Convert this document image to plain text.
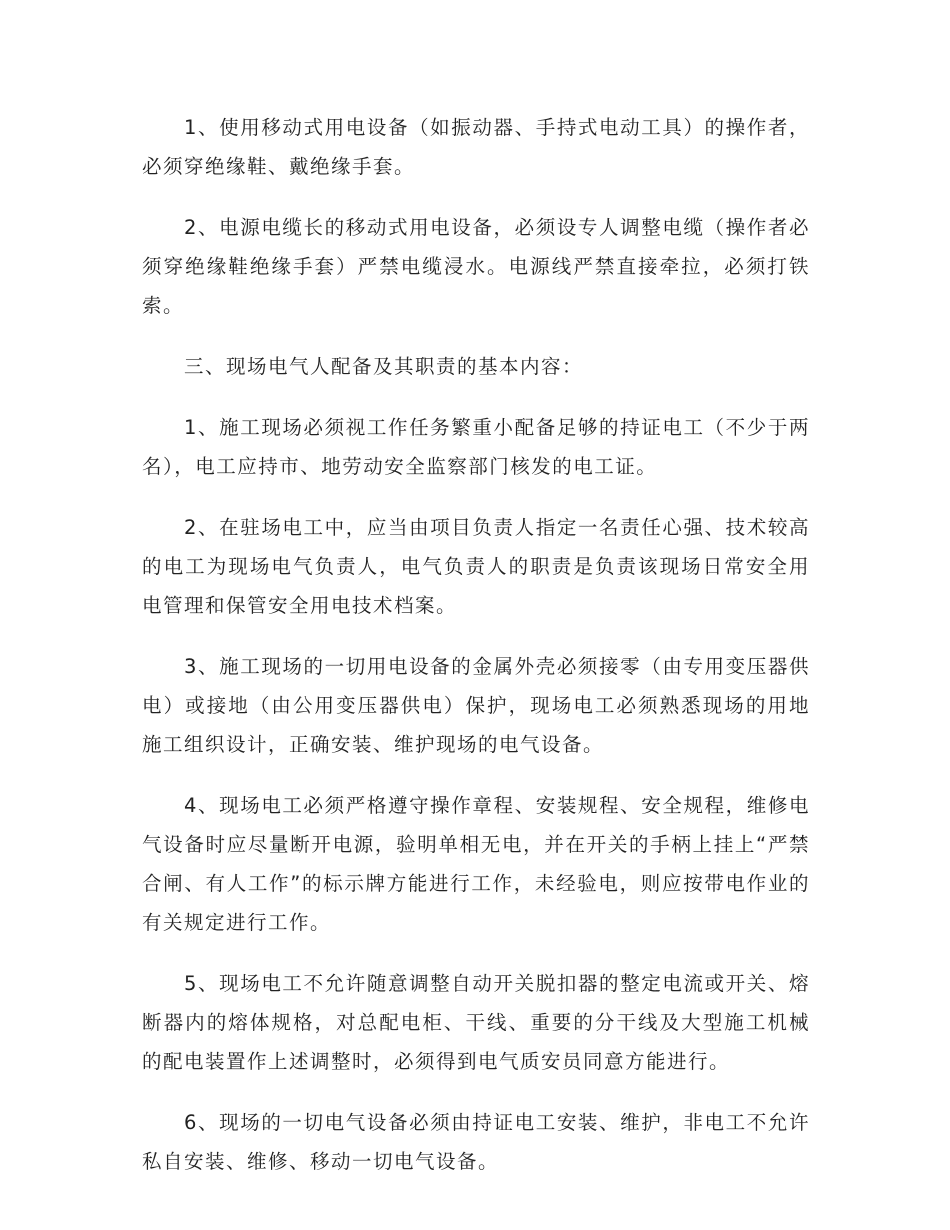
1、使用移动式用电设备（如振动器、手持式电动工具）的操作者，必须穿绝缘鞋、戴绝缘手套。

2、电源电缆长的移动式用电设备，必须设专人调整电缆（操作者必须穿绝缘鞋绝缘手套）严禁电缆浸水。电源线严禁直接牵拉，必须打铁索。

三、现场电气人配备及其职责的基本内容：

1、施工现场必须视工作任务繁重小配备足够的持证电工（不少于两名），电工应持市、地劳动安全监察部门核发的电工证。

2、在驻场电工中，应当由项目负责人指定一名责任心强、技术较高的电工为现场电气负责人，电气负责人的职责是负责该现场日常安全用电管理和保管安全用电技术档案。

3、施工现场的一切用电设备的金属外壳必须接零（由专用变压器供电）或接地（由公用变压器供电）保护，现场电工必须熟悉现场的用地施工组织设计，正确安装、维护现场的电气设备。

4、现场电工必须严格遵守操作章程、安装规程、安全规程，维修电气设备时应尽量断开电源，验明单相无电，并在开关的手柄上挂上“严禁合闸、有人工作”的标示牌方能进行工作，未经验电，则应按带电作业的有关规定进行工作。

5、现场电工不允许随意调整自动开关脱扣器的整定电流或开关、熔断器内的熔体规格，对总配电柜、干线、重要的分干线及大型施工机械的配电装置作上述调整时，必须得到电气质安员同意方能进行。

6、现场的一切电气设备必须由持证电工安装、维护，非电工不允许私自安装、维修、移动一切电气设备。
